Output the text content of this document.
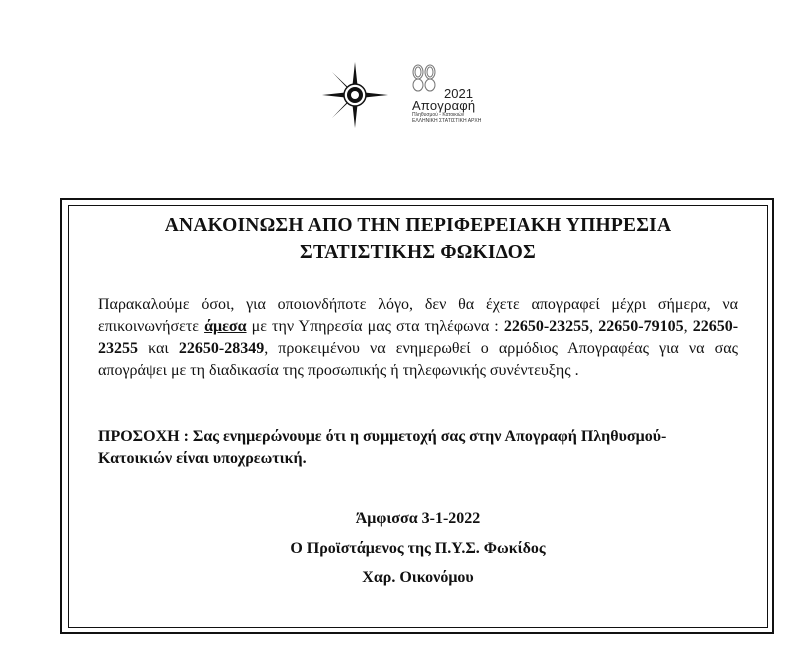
2021
Απογραφή
Πληθυσμού - Κατοικιών
ΕΛΛΗΝΙΚΗ ΣΤΑΤΙΣΤΙΚΗ ΑΡΧΗ
ΑΝΑΚΟΙΝΩΣΗ ΑΠΟ ΤΗΝ ΠΕΡΙΦΕΡΕΙΑΚΗ ΥΠΗΡΕΣΙΑ
ΣΤΑΤΙΣΤΙΚΗΣ ΦΩΚΙΔΟΣ
Παρακαλούμε όσοι, για οποιονδήποτε λόγο, δεν θα έχετε απογραφεί μέχρι σήμερα, να επικοινωνήσετε άμεσα με την Υπηρεσία μας στα τηλέφωνα : 22650-23255, 22650-79105, 22650-23255 και 22650-28349, προκειμένου να ενημερωθεί ο αρμόδιος Απογραφέας για να σας απογράψει με τη διαδικασία της προσωπικής ή τηλεφωνικής συνέντευξης .
ΠΡΟΣΟΧΗ : Σας ενημερώνουμε ότι η συμμετοχή σας στην Απογραφή Πληθυσμού- Κατοικιών είναι υποχρεωτική.
Άμφισσα 3-1-2022
Ο Προϊστάμενος της Π.Υ.Σ. Φωκίδος
Χαρ. Οικονόμου
